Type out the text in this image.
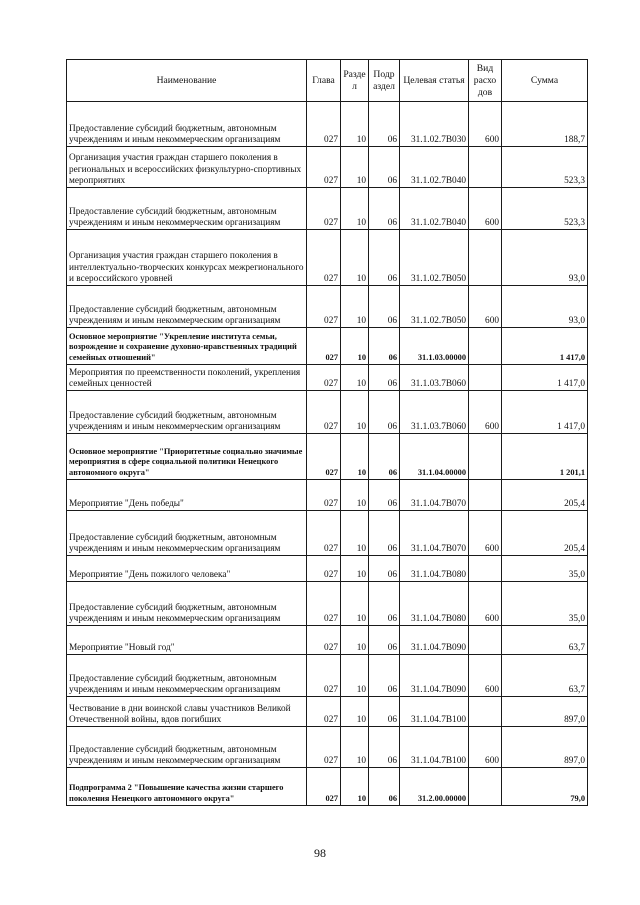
Наименование	Глава	Разде л	Подр аздел	Целевая статья	Вид расхо дов	Сумма
Предоставление субсидий бюджетным, автономным учреждениям и иным некоммерческим организациям	027	10	06	31.1.02.7В030	600	188,7
Организация участия граждан старшего поколения в региональных и всероссийских физкультурно-спортивных мероприятиях	027	10	06	31.1.02.7В040		523,3
Предоставление субсидий бюджетным, автономным учреждениям и иным некоммерческим организациям	027	10	06	31.1.02.7В040	600	523,3
Организация участия граждан старшего поколения в интеллектуально-творческих конкурсах межрегионального и всероссийского уровней	027	10	06	31.1.02.7В050		93,0
Предоставление субсидий бюджетным, автономным учреждениям и иным некоммерческим организациям	027	10	06	31.1.02.7В050	600	93,0
Основное мероприятие "Укрепление института семьи, возрождение и сохранение духовно-нравственных традиций семейных отношений"	027	10	06	31.1.03.00000		1 417,0
Мероприятия по преемственности поколений, укрепления семейных ценностей	027	10	06	31.1.03.7В060		1 417,0
Предоставление субсидий бюджетным, автономным учреждениям и иным некоммерческим организациям	027	10	06	31.1.03.7В060	600	1 417,0
Основное мероприятие "Приоритетные социально значимые мероприятия в сфере социальной политики Ненецкого автономного округа"	027	10	06	31.1.04.00000		1 201,1
Мероприятие "День победы"	027	10	06	31.1.04.7В070		205,4
Предоставление субсидий бюджетным, автономным учреждениям и иным некоммерческим организациям	027	10	06	31.1.04.7В070	600	205,4
Мероприятие "День пожилого человека"	027	10	06	31.1.04.7В080		35,0
Предоставление субсидий бюджетным, автономным учреждениям и иным некоммерческим организациям	027	10	06	31.1.04.7В080	600	35,0
Мероприятие "Новый год"	027	10	06	31.1.04.7В090		63,7
Предоставление субсидий бюджетным, автономным учреждениям и иным некоммерческим организациям	027	10	06	31.1.04.7В090	600	63,7
Чествование в дни воинской славы участников Великой Отечественной войны, вдов погибших	027	10	06	31.1.04.7В100		897,0
Предоставление субсидий бюджетным, автономным учреждениям и иным некоммерческим организациям	027	10	06	31.1.04.7В100	600	897,0
Подпрограмма 2 "Повышение качества жизни старшего поколения Ненецкого автономного округа"	027	10	06	31.2.00.00000		79,0
98
